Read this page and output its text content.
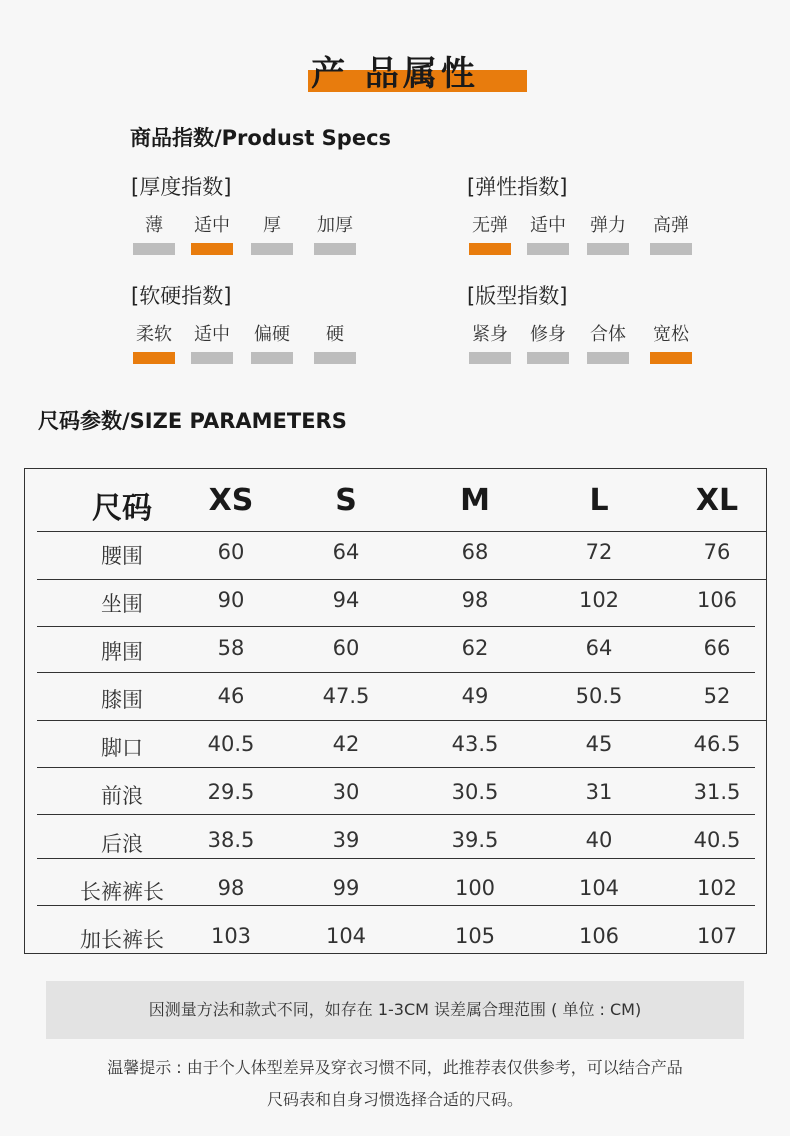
产 品属性
商品指数/Produst Specs
[厚度指数]
薄	适中	厚	加厚
[弹性指数]
无弹 适中 弹力 高弹
[软硬指数]
柔软 适中 偏硬	硬
[版型指数]
紧身 修身 合体 宽松
尺码参数/SIZE PARAMETERS
尺码	XS	S	M	L	XL
腰围	60	64	68	72	76
坐围	90	94	98	102	106
脾围	58	60	62	64	66
膝围	46	47.5	49	50.5	52
脚口	40.5	42	43.5	45	46.5
前浪	29.5	30	30.5	31	31.5
后浪	38.5	39	39.5	40	40.5
长裤裤长	98	99	100	104	102
加长裤长	103	104	105	106	107
因测量方法和款式不同，如存在 1-3CM 误差属合理范围 ( 单位 : CM)
温馨提示 : 由于个人体型差异及穿衣习惯不同，此推荐表仅供参考，可以结合产品
尺码表和自身习惯选择合适的尺码。
